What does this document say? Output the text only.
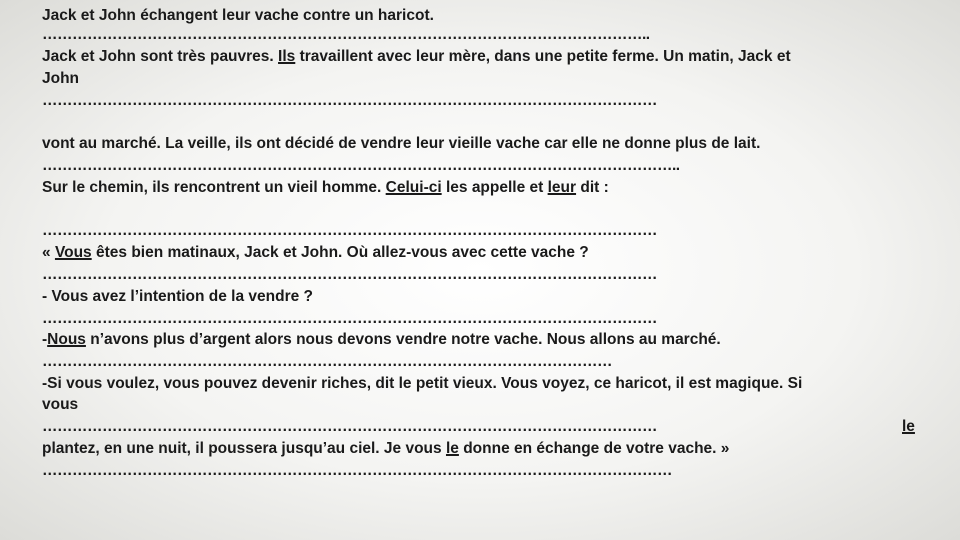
Jack et John échangent leur vache contre un haricot.
…………………………………………………………………………………………………………..
Jack et John sont très pauvres. Ils travaillent avec leur mère, dans une petite ferme. Un matin, Jack et
John
……………………………………………………………………………………………………………
vont au marché. La veille, ils ont décidé de vendre leur vieille vache car elle ne donne plus de lait.
………………………………………………………………………………………………………………..
Sur le chemin, ils rencontrent un vieil homme. Celui-ci les appelle et leur dit :
……………………………………………………………………………………………………………
« Vous êtes bien matinaux, Jack et John. Où allez-vous avec cette vache ?
……………………………………………………………………………………………………………
- Vous avez l’intention de la vendre ?
……………………………………………………………………………………………………………
-Nous n’avons plus d’argent alors nous devons vendre notre vache. Nous allons au marché.
……………………………………………………………………………………………………
-Si vous voulez, vous pouvez devenir riches, dit le petit vieux. Vous voyez, ce haricot, il est magique. Si
vous
……………………………………………………………………………………………………………	le
plantez, en une nuit, il poussera jusqu’au ciel. Je vous le donne en échange de votre vache. »
………………………………………………………………………………………………………………
